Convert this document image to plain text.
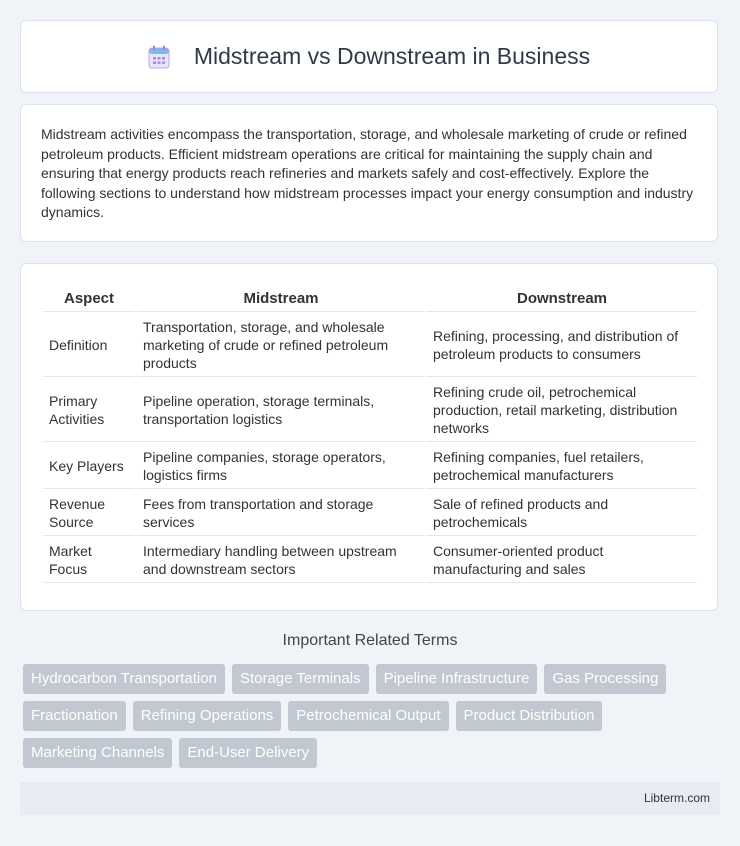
Midstream vs Downstream in Business

Midstream activities encompass the transportation, storage, and wholesale marketing of crude or refined petroleum products. Efficient midstream operations are critical for maintaining the supply chain and ensuring that energy products reach refineries and markets safely and cost-effectively. Explore the following sections to understand how midstream processes impact your energy consumption and industry dynamics.

Aspect	Midstream	Downstream
Definition	Transportation, storage, and wholesale marketing of crude or refined petroleum products	Refining, processing, and distribution of petroleum products to consumers
Primary Activities	Pipeline operation, storage terminals, transportation logistics	Refining crude oil, petrochemical production, retail marketing, distribution networks
Key Players	Pipeline companies, storage operators, logistics firms	Refining companies, fuel retailers, petrochemical manufacturers
Revenue Source	Fees from transportation and storage services	Sale of refined products and petrochemicals
Market Focus	Intermediary handling between upstream and downstream sectors	Consumer-oriented product manufacturing and sales
Important Related Terms
Hydrocarbon Transportation	Storage Terminals	Pipeline Infrastructure	Gas Processing
Fractionation	Refining Operations	Petrochemical Output	Product Distribution
Marketing Channels	End-User Delivery
Libterm.com
